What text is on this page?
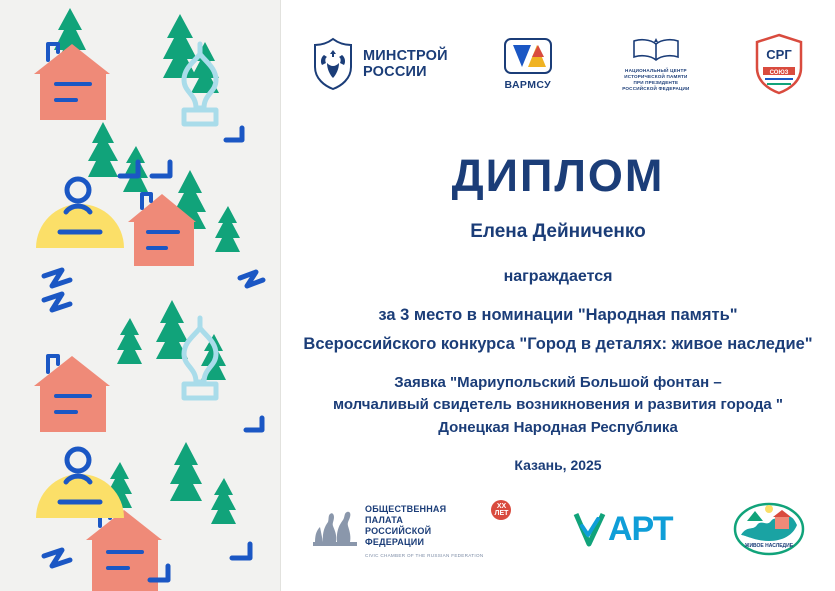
МИНСТРОЙ
РОССИИ
ВАРМСУ
НАЦИОНАЛЬНЫЙ ЦЕНТР
ИСТОРИЧЕСКОЙ ПАМЯТИ
ПРИ ПРЕЗИДЕНТЕ
РОССИЙСКОЙ ФЕДЕРАЦИИ
СРГ
СОЮЗ
ДИПЛОМ
Елена Дейниченко
награждается
за 3 место в номинации "Народная память"
Всероссийского конкурса "Город в деталях: живое наследие"
Заявка "Мариупольский Большой фонтан –
молчаливый свидетель возникновения и развития города "
Донецкая Народная Республика
Казань, 2025
ОБЩЕСТВЕННАЯ
ПАЛАТА
РОССИЙСКОЙ
ФЕДЕРАЦИИ
CIVIC CHAMBER OF THE RUSSIAN FEDERATION
XX
ЛЕТ	АРТ	ЖИВОЕ НАСЛЕДИЕ
